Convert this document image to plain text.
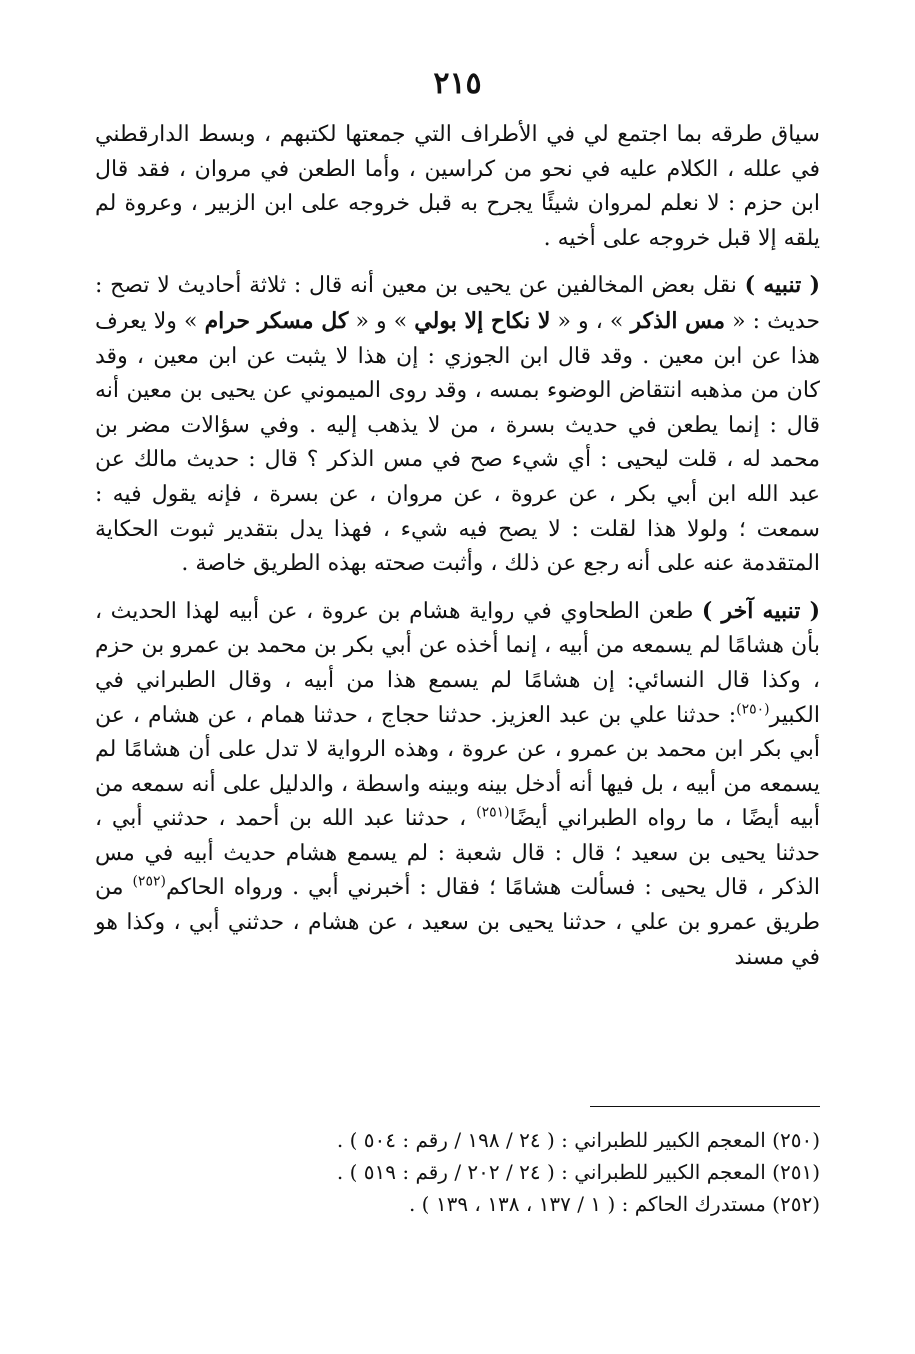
٢١٥

سياق طرقه بما اجتمع لي في الأطراف التي جمعتها لكتبهم ، وبسط الدارقطني في علله ، الكلام عليه في نحو من كراسين ، وأما الطعن في مروان ، فقد قال ابن حزم : لا نعلم لمروان شيئًا يجرح به قبل خروجه على ابن الزبير ، وعروة لم يلقه إلا قبل خروجه على أخيه .

( تنبيه ) نقل بعض المخالفين عن يحيى بن معين أنه قال : ثلاثة أحاديث لا تصح : حديث : « مس الذكر » ، و « لا نكاح إلا بولي » و « كل مسكر حرام » ولا يعرف هذا عن ابن معين . وقد قال ابن الجوزي : إن هذا لا يثبت عن ابن معين ، وقد كان من مذهبه انتقاض الوضوء بمسه ، وقد روى الميموني عن يحيى بن معين أنه قال : إنما يطعن في حديث بسرة ، من لا يذهب إليه . وفي سؤالات مضر بن محمد له ، قلت ليحيى : أي شيء صح في مس الذكر ؟ قال : حديث مالك عن عبد الله ابن أبي بكر ، عن عروة ، عن مروان ، عن بسرة ، فإنه يقول فيه : سمعت ؛ ولولا هذا لقلت : لا يصح فيه شيء ، فهذا يدل بتقدير ثبوت الحكاية المتقدمة عنه على أنه رجع عن ذلك ، وأثبت صحته بهذه الطريق خاصة .

( تنبيه آخر ) طعن الطحاوي في رواية هشام بن عروة ، عن أبيه لهذا الحديث ، بأن هشامًا لم يسمعه من أبيه ، إنما أخذه عن أبي بكر بن محمد بن عمرو بن حزم ، وكذا قال النسائي: إن هشامًا لم يسمع هذا من أبيه ، وقال الطبراني في الكبير$^{(٢٥٠)}$: حدثنا علي بن عبد العزيز. حدثنا حجاج ، حدثنا همام ، عن هشام ، عن أبي بكر ابن محمد بن عمرو ، عن عروة ، وهذه الرواية لا تدل على أن هشامًا لم يسمعه من أبيه ، بل فيها أنه أدخل بينه وبينه واسطة ، والدليل على أنه سمعه من أبيه أيضًا ، ما رواه الطبراني أيضًا$^{(٢٥١)}$ ، حدثنا عبد الله بن أحمد ، حدثني أبي ، حدثنا يحيى بن سعيد ؛ قال : قال شعبة : لم يسمع هشام حديث أبيه في مس الذكر ، قال يحيى : فسألت هشامًا ؛ فقال : أخبرني أبي . ورواه الحاكم$^{(٢٥٢)}$ من طريق عمرو بن علي ، حدثنا يحيى بن سعيد ، عن هشام ، حدثني أبي ، وكذا هو في مسند

(٢٥٠) المعجم الكبير للطبراني : ( ٢٤ / ١٩٨ / رقم : ٥٠٤ ) .

(٢٥١) المعجم الكبير للطبراني : ( ٢٤ / ٢٠٢ / رقم : ٥١٩ ) .

(٢٥٢) مستدرك الحاكم : ( ١ / ١٣٧ ، ١٣٨ ، ١٣٩ ) .
